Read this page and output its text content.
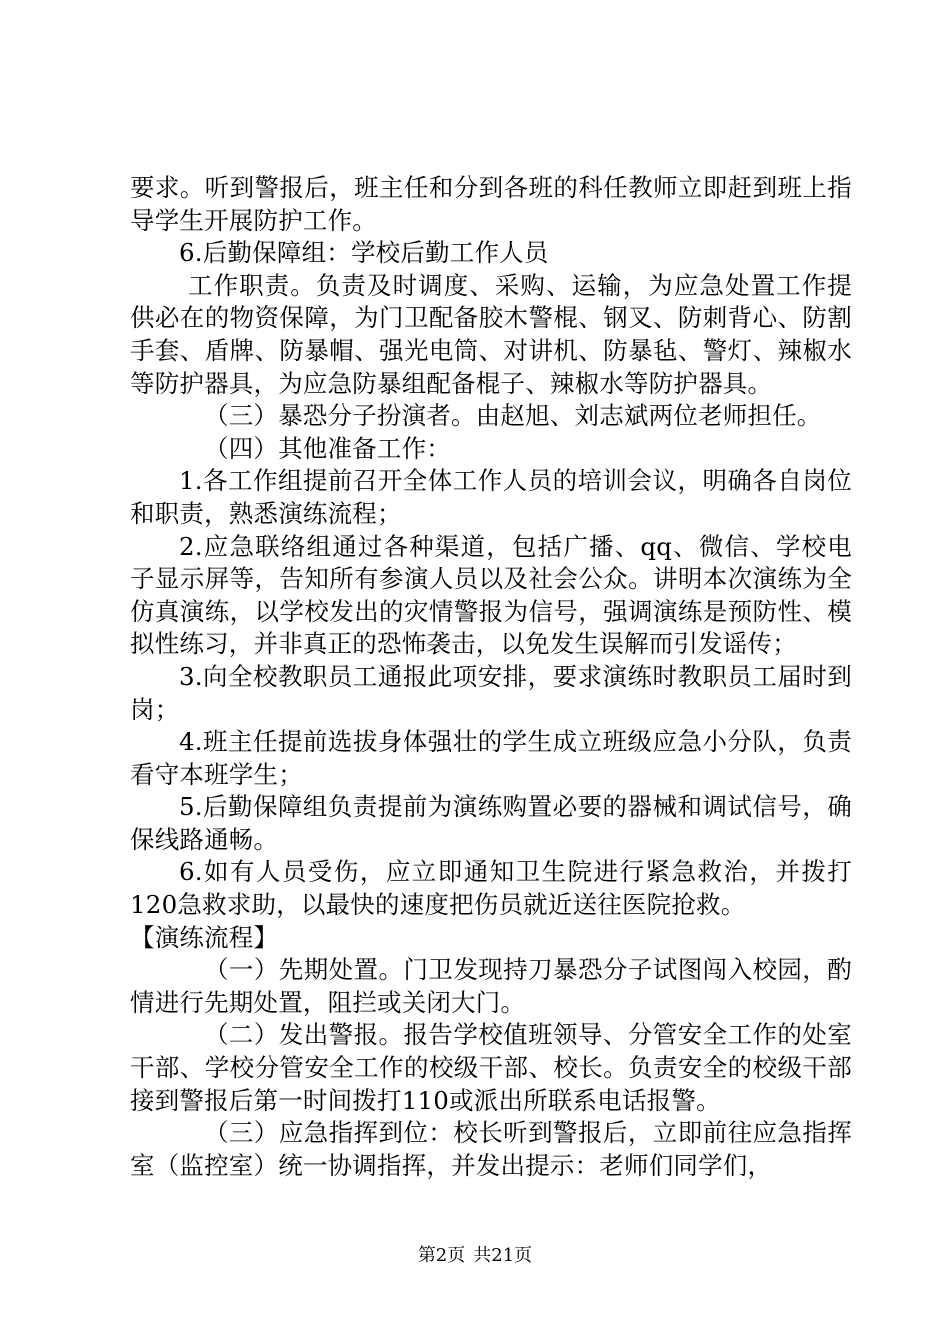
要求。听到警报后，班主任和分到各班的科任教师立即赶到班上指导学生开展防护工作。

6.后勤保障组：学校后勤工作人员

工作职责。负责及时调度、采购、运输，为应急处置工作提供必在的物资保障，为门卫配备胶木警棍、钢叉、防刺背心、防割手套、盾牌、防暴帽、强光电筒、对讲机、防暴毡、警灯、辣椒水等防护器具，为应急防暴组配备棍子、辣椒水等防护器具。

（三）暴恐分子扮演者。由赵旭、刘志斌两位老师担任。

（四）其他准备工作：

1.各工作组提前召开全体工作人员的培训会议，明确各自岗位和职责，熟悉演练流程；

2.应急联络组通过各种渠道，包括广播、qq、微信、学校电子显示屏等，告知所有参演人员以及社会公众。讲明本次演练为全仿真演练，以学校发出的灾情警报为信号，强调演练是预防性、模拟性练习，并非真正的恐怖袭击，以免发生误解而引发谣传；

3.向全校教职员工通报此项安排，要求演练时教职员工届时到岗；

4.班主任提前选拔身体强壮的学生成立班级应急小分队，负责看守本班学生；

5.后勤保障组负责提前为演练购置必要的器械和调试信号，确保线路通畅。

6.如有人员受伤，应立即通知卫生院进行紧急救治，并拨打120急救求助，以最快的速度把伤员就近送往医院抢救。

【演练流程】

（一）先期处置。门卫发现持刀暴恐分子试图闯入校园，酌情进行先期处置，阻拦或关闭大门。

（二）发出警报。报告学校值班领导、分管安全工作的处室干部、学校分管安全工作的校级干部、校长。负责安全的校级干部接到警报后第一时间拨打110或派出所联系电话报警。

（三）应急指挥到位：校长听到警报后，立即前往应急指挥室（监控室）统一协调指挥，并发出提示：老师们同学们，

第2页 共21页
